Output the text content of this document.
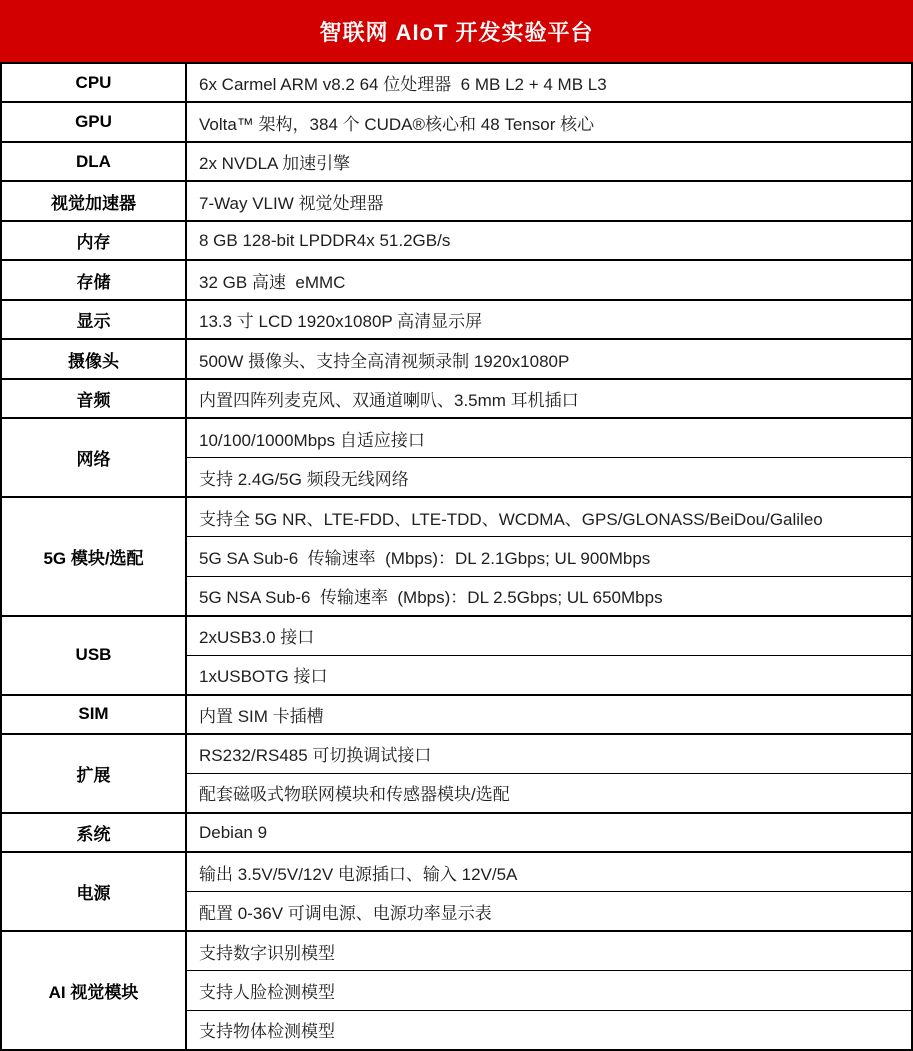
智联网 AIoT 开发实验平台
CPU	6x Carmel ARM v8.2 64 位处理器  6 MB L2 + 4 MB L3
GPU	Volta™ 架构，384 个 CUDA®核心和 48 Tensor 核心
DLA	2x NVDLA 加速引擎
视觉加速器	7-Way VLIW 视觉处理器
内存	8 GB 128-bit LPDDR4x 51.2GB/s
存储	32 GB 高速  eMMC
显示	13.3 寸 LCD 1920x1080P 高清显示屏
摄像头	500W 摄像头、支持全高清视频录制 1920x1080P
音频	内置四阵列麦克风、双通道喇叭、3.5mm 耳机插口
网络	10/100/1000Mbps 自适应接口
	支持 2.4G/5G 频段无线网络
5G 模块/选配	支持全 5G NR、LTE-FDD、LTE-TDD、WCDMA、GPS/GLONASS/BeiDou/Galileo
	5G SA Sub-6  传输速率  (Mbps)：DL 2.1Gbps; UL 900Mbps
	5G NSA Sub-6  传输速率  (Mbps)：DL 2.5Gbps; UL 650Mbps
USB	2xUSB3.0 接口
	1xUSBOTG 接口
SIM	内置 SIM 卡插槽
扩展	RS232/RS485 可切换调试接口
	配套磁吸式物联网模块和传感器模块/选配
系统	Debian 9
电源	输出 3.5V/5V/12V 电源插口、输入 12V/5A
	配置 0-36V 可调电源、电源功率显示表
AI 视觉模块	支持数字识别模型
	支持人脸检测模型
	支持物体检测模型
